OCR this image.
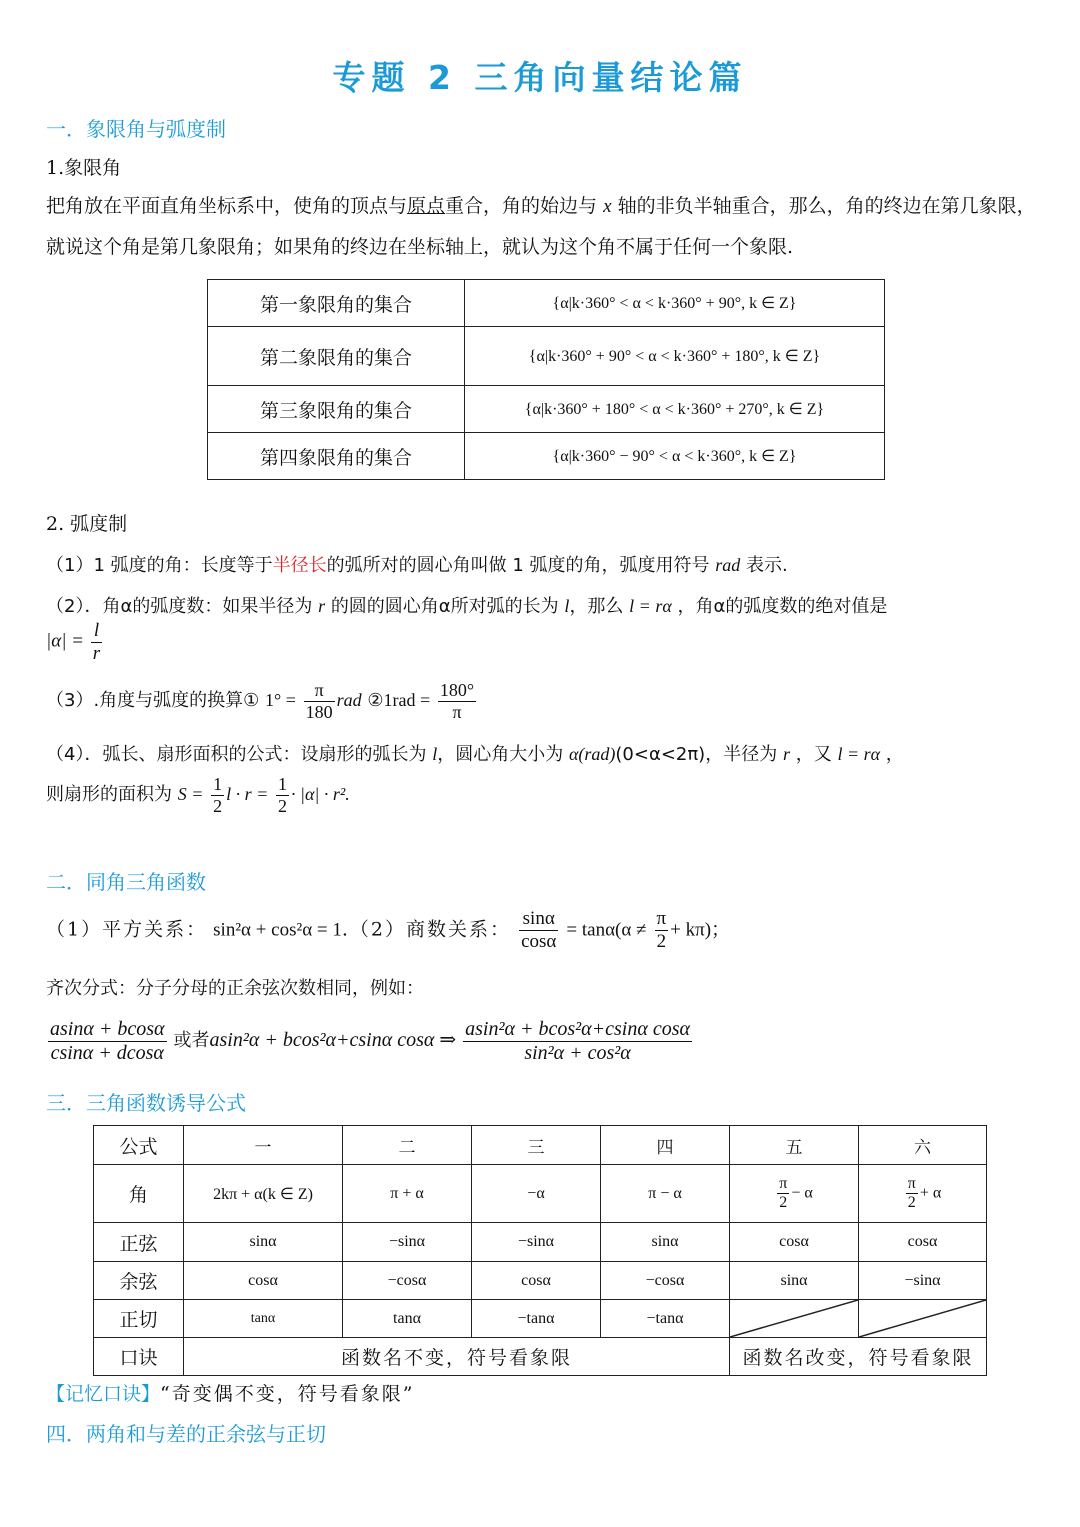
专题 2 三角向量结论篇
一．象限角与弧度制
1.象限角
把角放在平面直角坐标系中，使角的顶点与原点重合，角的始边与 x 轴的非负半轴重合，那么，角的终边在第几象限，就说这个角是第几象限角；如果角的终边在坐标轴上，就认为这个角不属于任何一个象限.
第一象限角的集合	{α|k·360° < α < k·360° + 90°, k ∈ Z}
第二象限角的集合	{α|k·360° + 90° < α < k·360° + 180°, k ∈ Z}
第三象限角的集合	{α|k·360° + 180° < α < k·360° + 270°, k ∈ Z}
第四象限角的集合	{α|k·360° − 90° < α < k·360°, k ∈ Z}
2. 弧度制
（1）1 弧度的角：长度等于半径长的弧所对的圆心角叫做 1 弧度的角，弧度用符号 rad 表示.
（2）．角α的弧度数：如果半径为 r 的圆的圆心角α所对弧的长为 l，那么 l = rα ，角α的弧度数的绝对值是
$|\alpha| = \frac{l}{r}$
（3）.角度与弧度的换算① $1^\circ = \frac{\pi}{180}$ rad ②1rad = $\frac{180^\circ}{\pi}$
（4）．弧长、扇形面积的公式：设扇形的弧长为 l，圆心角大小为 α(rad)(0<α<2π)，半径为 r ，又 l = rα ，
则扇形的面积为 $S = \frac{1}{2}$ $l \cdot r = \frac{1}{2} \cdot |\alpha| \cdot r^2$.
二．同角三角函数
（1）平方关系： sin²α + cos²α = 1.（2）商数关系： $\frac{\sin\alpha}{\cos\alpha} = \tan\alpha(\alpha \ne \frac{\pi}{2} + k\pi)$；
齐次分式：分子分母的正余弦次数相同，例如：
$\frac{asin\alpha + bcos\alpha}{csin\alpha + dcos\alpha}$ 或者asin²α + bcos²α+csinα cosα ⇒ $\frac{\text{asin²α + bcos²α+csinα cosα}}{\text{sin²α + cos²α}}$
三．三角函数诱导公式
公式	一	二	三	四	五	六
角	2kπ + α(k ∈ Z)	π + α	−α	π − α	$\frac{\pi}{2} - \alpha$	$\frac{\pi}{2} + \alpha$
正弦	sinα	−sinα	−sinα	sinα	cosα	cosα
余弦	cosα	−cosα	cosα	−cosα	sinα	−sinα
正切	tanα	tanα	−tanα	−tanα	

口诀	函数名不变，符号看象限				函数名改变，符号看象限	
【记忆口诀】“奇变偶不变，符号看象限”
四．两角和与差的正余弦与正切
